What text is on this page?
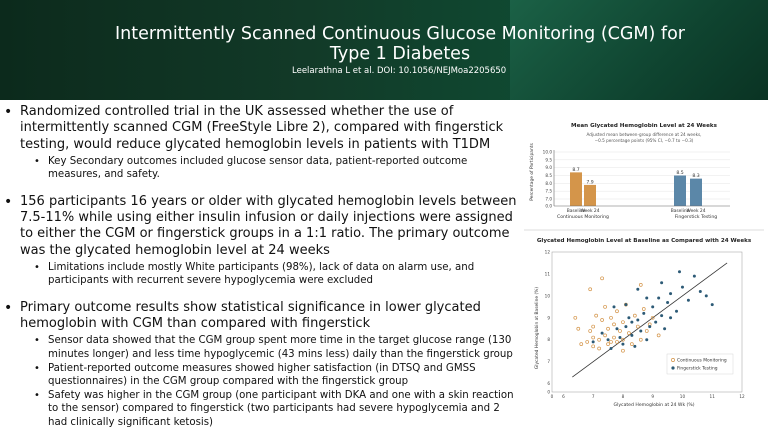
Intermittently Scanned Continuous Glucose Monitoring (CGM) for
Type 1 Diabetes
Leelarathna L et al. DOI: 10.1056/NEJMoa2205650
• Randomized controlled trial in the UK assessed whether the use of intermittently scanned CGM (FreeStyle Libre 2), compared with fingerstick testing, would reduce glycated hemoglobin levels in patients with T1DM
• Key Secondary outcomes included glucose sensor data, patient-reported outcome measures, and safety.
• 156 participants 16 years or older with glycated hemoglobin levels between 7.5-11% while using either insulin infusion or daily injections were assigned to either the CGM or fingerstick groups in a 1:1 ratio. The primary outcome was the glycated hemoglobin level at 24 weeks
• Limitations include mostly White participants (98%), lack of data on alarm use, and participants with recurrent severe hypoglycemia were excluded
• Primary outcome results show statistical significance in lower glycated hemoglobin with CGM than compared with fingerstick
• Sensor data showed that the CGM group spent more time in the target glucose range (130 minutes longer) and less time hypoglycemic (43 mins less) daily than the fingerstick group
• Patient-reported outcome measures showed higher satisfaction (in DTSQ and GMSS questionnaires) in the CGM group compared with the fingerstick group
• Safety was higher in the CGM group (one participant with DKA and one with a skin reaction to the sensor) compared to fingerstick (two participants had severe hypoglycemia and 2 had clinically significant ketosis)
Mean Glycated Hemoglobin Level at 24 Weeks
Adjusted mean between-group difference at 24 weeks,
−0.5 percentage points (95% CI, −0.7 to −0.3)
Percentage of Participants 10.0
9.5
9.0
8.5
8.0
7.5
7.0
0.0
8.7
7.9
8.5
8.3
Baseline
Week 24	Baseline
Week 24
Continuous Monitoring	Fingerstick Testing
Glycated Hemoglobin Level at Baseline as Compared with 24 Weeks
Glycated Hemoglobin at Baseline (%)
Glycated Hemoglobin at 24 Wk (%)
0
0
6
6
7
7
8
8
9
9
10
10
11
11
12
12
Continuous Monitoring
Fingerstick Testing
